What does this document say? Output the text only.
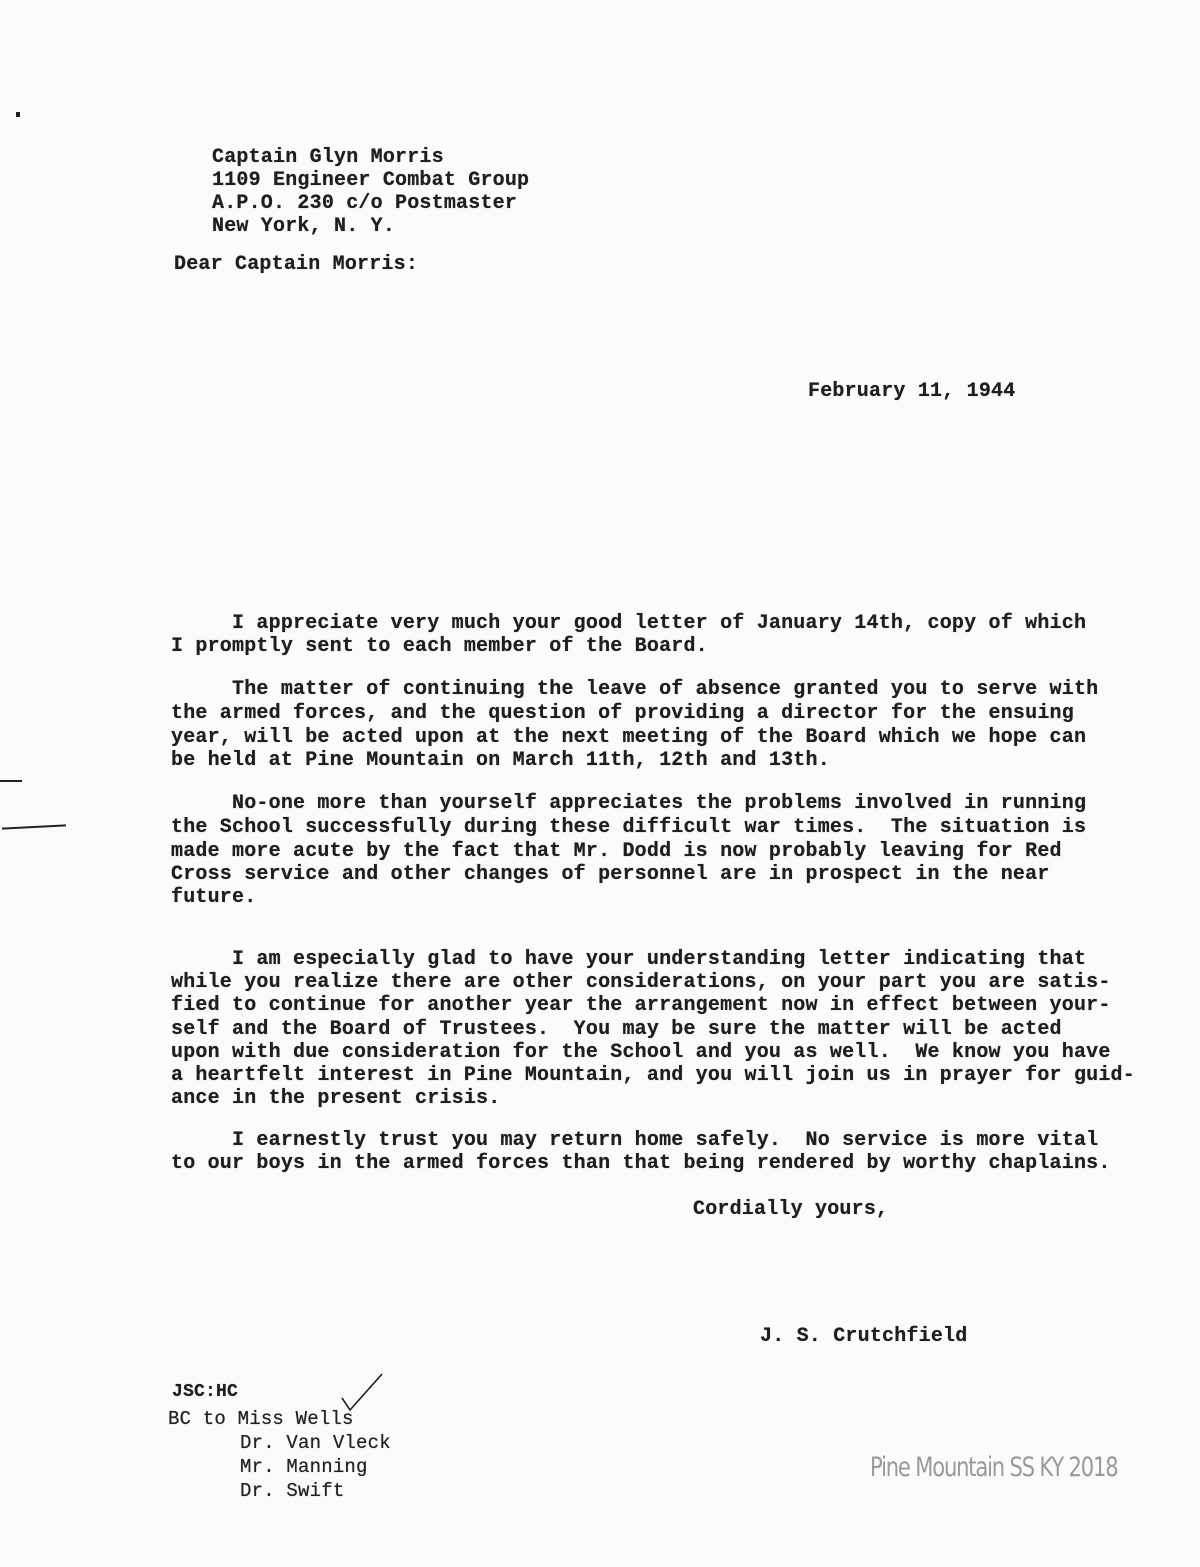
February 11, 1944
Captain Glyn Morris
1109 Engineer Combat Group
A.P.O. 230 c/o Postmaster
New York, N. Y.
Dear Captain Morris:
I appreciate very much your good letter of January 14th, copy of which
I promptly sent to each member of the Board.
The matter of continuing the leave of absence granted you to serve with
the armed forces, and the question of providing a director for the ensuing
year, will be acted upon at the next meeting of the Board which we hope can
be held at Pine Mountain on March 11th, 12th and 13th.
No-one more than yourself appreciates the problems involved in running
the School successfully during these difficult war times.  The situation is
made more acute by the fact that Mr. Dodd is now probably leaving for Red
Cross service and other changes of personnel are in prospect in the near
future.
I am especially glad to have your understanding letter indicating that
while you realize there are other considerations, on your part you are satis-
fied to continue for another year the arrangement now in effect between your-
self and the Board of Trustees.  You may be sure the matter will be acted
upon with due consideration for the School and you as well.  We know you have
a heartfelt interest in Pine Mountain, and you will join us in prayer for guid-
ance in the present crisis.
I earnestly trust you may return home safely.  No service is more vital
to our boys in the armed forces than that being rendered by worthy chaplains.
Cordially yours,
J. S. Crutchfield
JSC:HC
BC to Miss Wells
Dr. Van Vleck
Mr. Manning
Dr. Swift
Pine Mountain SS KY 2018
